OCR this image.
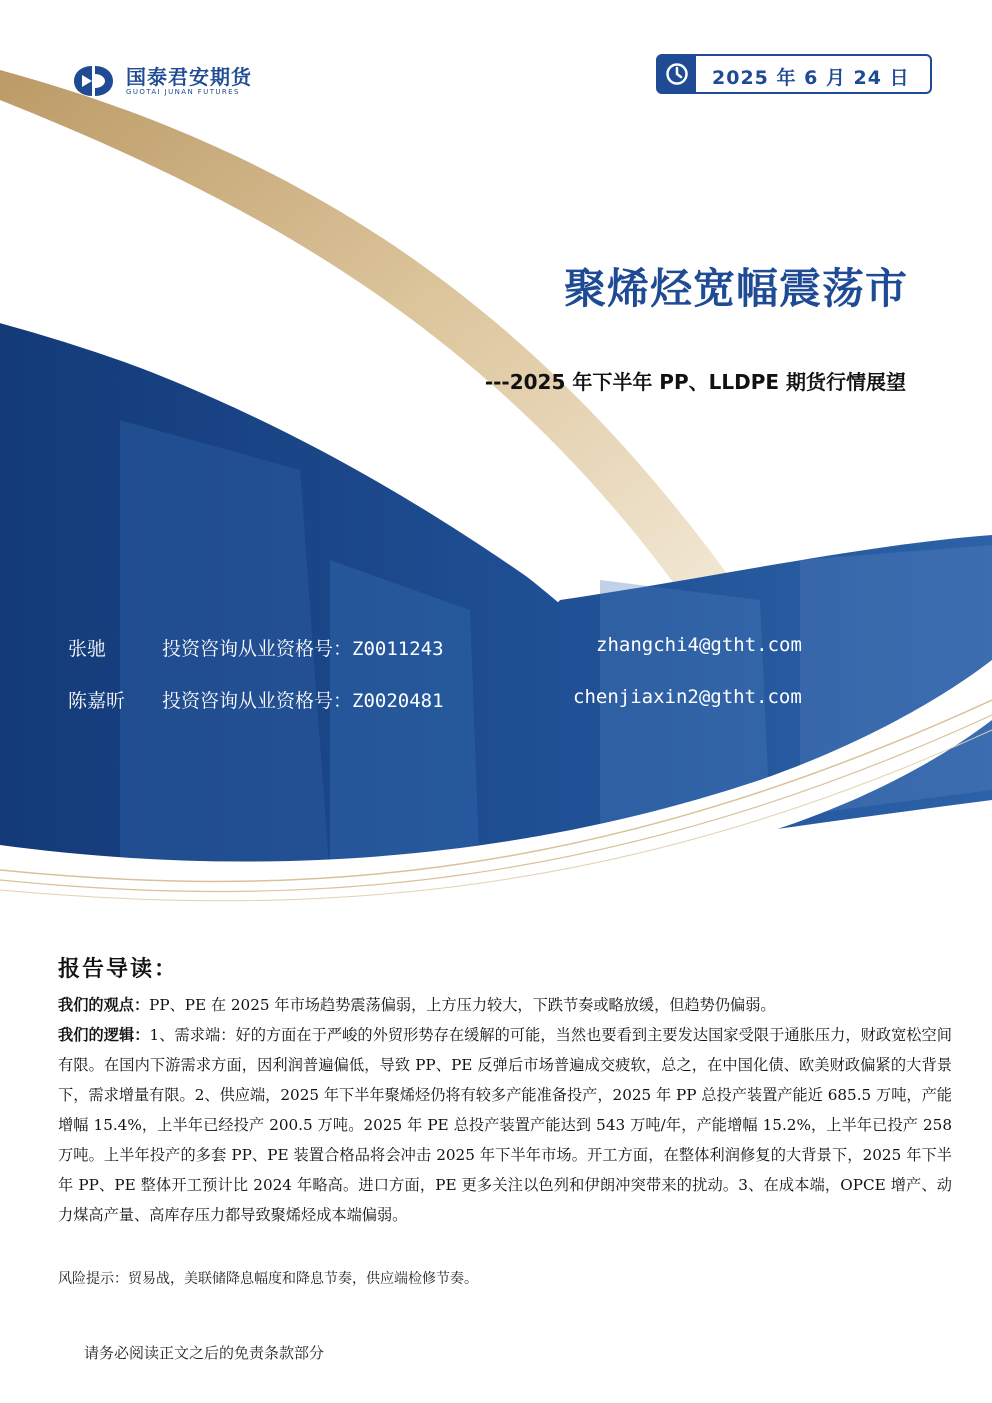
国泰君安期货
GUOTAI JUNAN FUTURES
2025 年 6 月 24 日
聚烯烃宽幅震荡市
---2025 年下半年 PP、LLDPE 期货行情展望
张驰	投资咨询从业资格号：Z0011243	zhangchi4@gtht.com
陈嘉昕 投资咨询从业资格号：Z0020481	chenjiaxin2@gtht.com
报告导读：

我们的观点：PP、PE 在 2025 年市场趋势震荡偏弱，上方压力较大，下跌节奏或略放缓，但趋势仍偏弱。

我们的逻辑：1、需求端：好的方面在于严峻的外贸形势存在缓解的可能，当然也要看到主要发达国家受限于通胀压力，财政宽松空间有限。在国内下游需求方面，因利润普遍偏低，导致 PP、PE 反弹后市场普遍成交疲软，总之，在中国化债、欧美财政偏紧的大背景下，需求增量有限。2、供应端，2025 年下半年聚烯烃仍将有较多产能准备投产，2025 年 PP 总投产装置产能近 685.5 万吨，产能增幅 15.4%，上半年已经投产 200.5 万吨。2025 年 PE 总投产装置产能达到 543 万吨/年，产能增幅 15.2%，上半年已投产 258 万吨。上半年投产的多套 PP、PE 装置合格品将会冲击 2025 年下半年市场。开工方面，在整体利润修复的大背景下，2025 年下半年 PP、PE 整体开工预计比 2024 年略高。进口方面，PE 更多关注以色列和伊朗冲突带来的扰动。3、在成本端，OPCE 增产、动力煤高产量、高库存压力都导致聚烯烃成本端偏弱。

风险提示：贸易战，美联储降息幅度和降息节奏，供应端检修节奏。
请务必阅读正文之后的免责条款部分
